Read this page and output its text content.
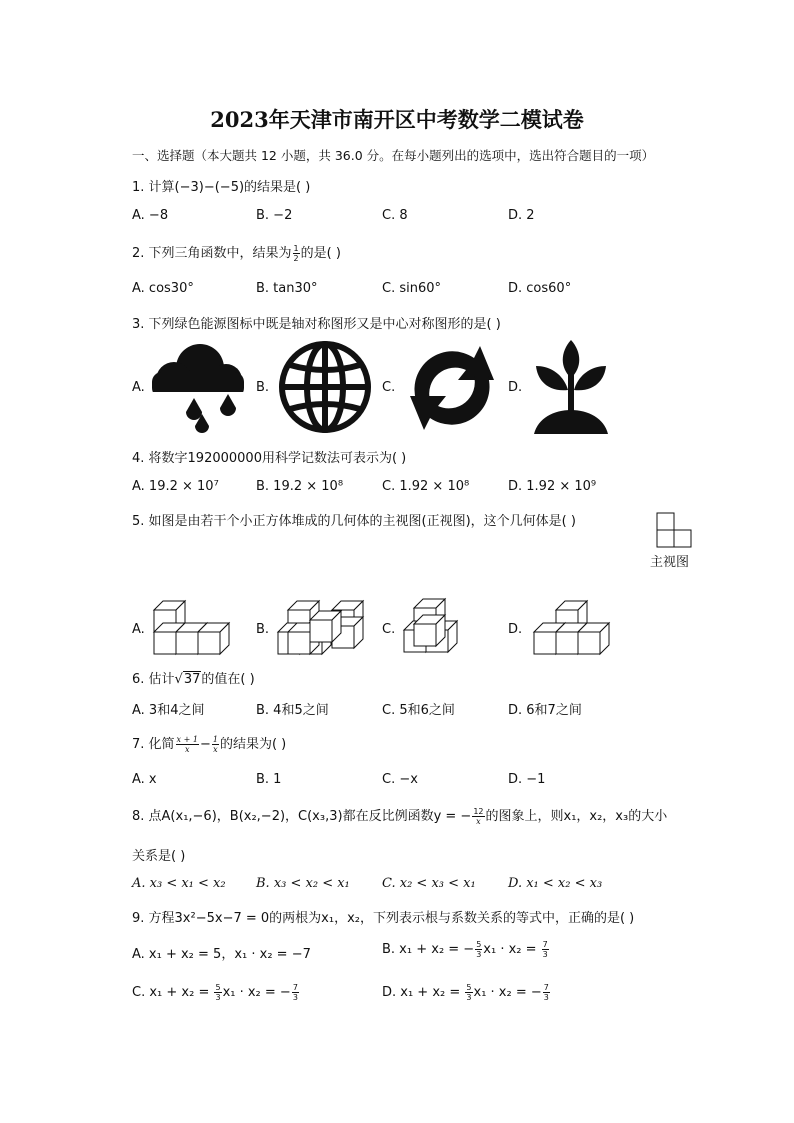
2023年天津市南开区中考数学二模试卷
一、选择题（本大题共 12 小题，共 36.0 分。在每小题列出的选项中，选出符合题目的一项）
1. 计算(−3)−(−5)的结果是( )
A. −8	B. −2	C. 8	D. 2
2. 下列三角函数中，结果为 $\frac{1}{2}$ 的是( )
A. cos30°	B. tan30°	C. sin60°	D. cos60°
3. 下列绿色能源图标中既是轴对称图形又是中心对称图形的是( )
A.	B.	C.	D.
4. 将数字192000000用科学记数法可表示为( )
A. 19.2 × 10⁷	B. 19.2 × 10⁸	C. 1.92 × 10⁸	D. 1.92 × 10⁹
5. 如图是由若干个小正方体堆成的几何体的主视图(正视图)，这个几何体是( )
主视图
A.	B.	C.	D.
6. 估计√37的值在( )
A. 3和4之间	B. 4和5之间	C. 5和6之间	D. 6和7之间
7. 化简 $\frac{x + 1}{x} - \frac{1}{x}$ 的结果为( )
A. x	B. 1	C. −x	D. −1
8. 点A(x₁,−6)，B(x₂,−2)，C(x₃,3)都在反比例函数y = − $\frac{12}{x}$ 的图象上，则x₁，x₂，x₃的大小
关系是( )
A. x₃ < x₁ < x₂ B. x₃ < x₂ < x₁ C. x₂ < x₃ < x₁ D. x₁ < x₂ < x₃
9. 方程3x²−5x−7 = 0的两根为x₁，x₂，下列表示根与系数关系的等式中，正确的是( )
A. x₁ + x₂ = 5，x₁ · x₂ = −7	B. x₁ + x₂ = − $\frac{5}{3} x_1 \cdot x_2 = \frac{7}{3}$
C. $x_1 + x_2 = \frac{5}{3} x_1 \cdot x_2$ = − $\frac{7}{3}$	D. $x_1 + x_2 = \frac{5}{3} x_1 \cdot x_2$ = − $\frac{7}{3}$
